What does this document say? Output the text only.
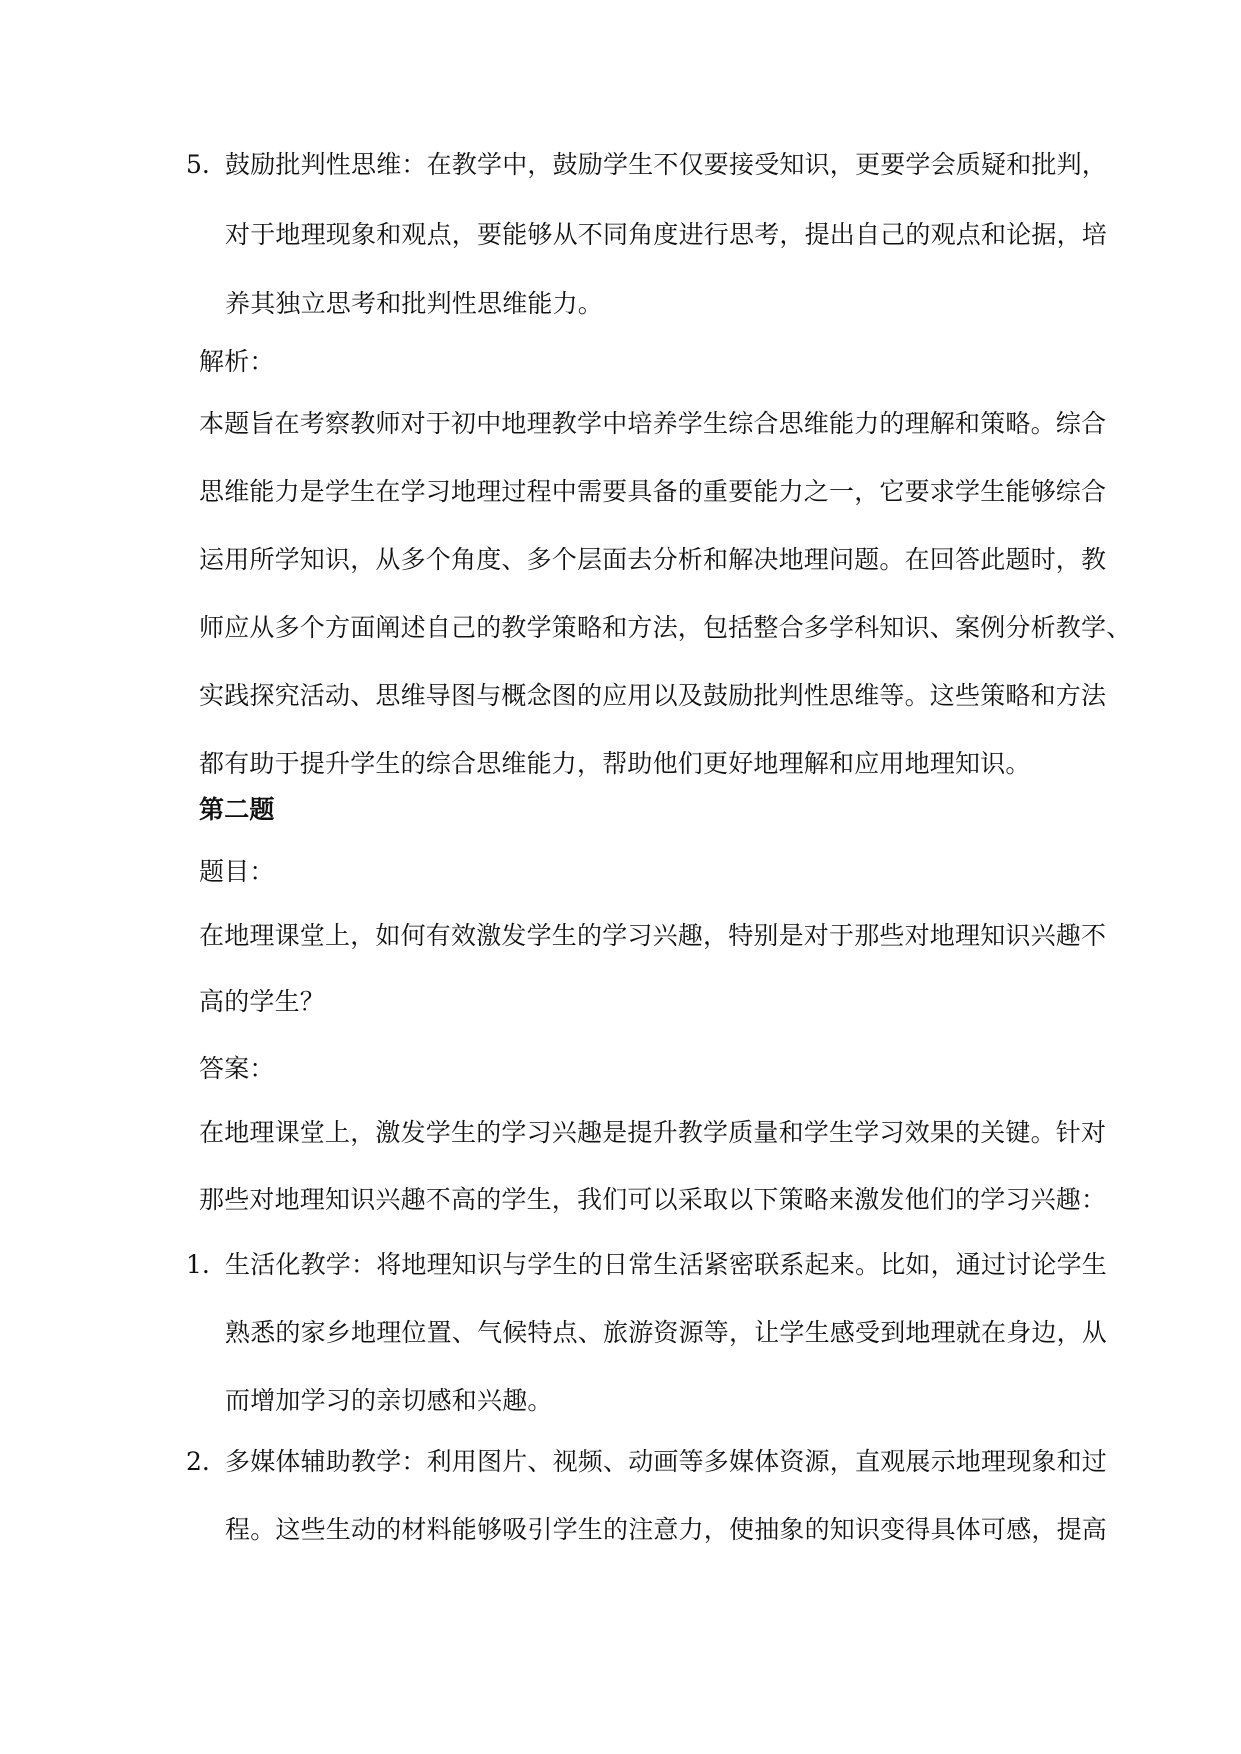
5. 鼓励批判性思维：在教学中，鼓励学生不仅要接受知识，更要学会质疑和批判，
对于地理现象和观点，要能够从不同角度进行思考，提出自己的观点和论据，培
养其独立思考和批判性思维能力。
解析：
本题旨在考察教师对于初中地理教学中培养学生综合思维能力的理解和策略。综合
思维能力是学生在学习地理过程中需要具备的重要能力之一，它要求学生能够综合
运用所学知识，从多个角度、多个层面去分析和解决地理问题。在回答此题时，教
师应从多个方面阐述自己的教学策略和方法，包括整合多学科知识、案例分析教学、
实践探究活动、思维导图与概念图的应用以及鼓励批判性思维等。这些策略和方法
都有助于提升学生的综合思维能力，帮助他们更好地理解和应用地理知识。
第二题
题目：
在地理课堂上，如何有效激发学生的学习兴趣，特别是对于那些对地理知识兴趣不
高的学生？
答案：
在地理课堂上，激发学生的学习兴趣是提升教学质量和学生学习效果的关键。针对
那些对地理知识兴趣不高的学生，我们可以采取以下策略来激发他们的学习兴趣：
1. 生活化教学：将地理知识与学生的日常生活紧密联系起来。比如，通过讨论学生
熟悉的家乡地理位置、气候特点、旅游资源等，让学生感受到地理就在身边，从
而增加学习的亲切感和兴趣。
2. 多媒体辅助教学：利用图片、视频、动画等多媒体资源，直观展示地理现象和过
程。这些生动的材料能够吸引学生的注意力，使抽象的知识变得具体可感，提高
